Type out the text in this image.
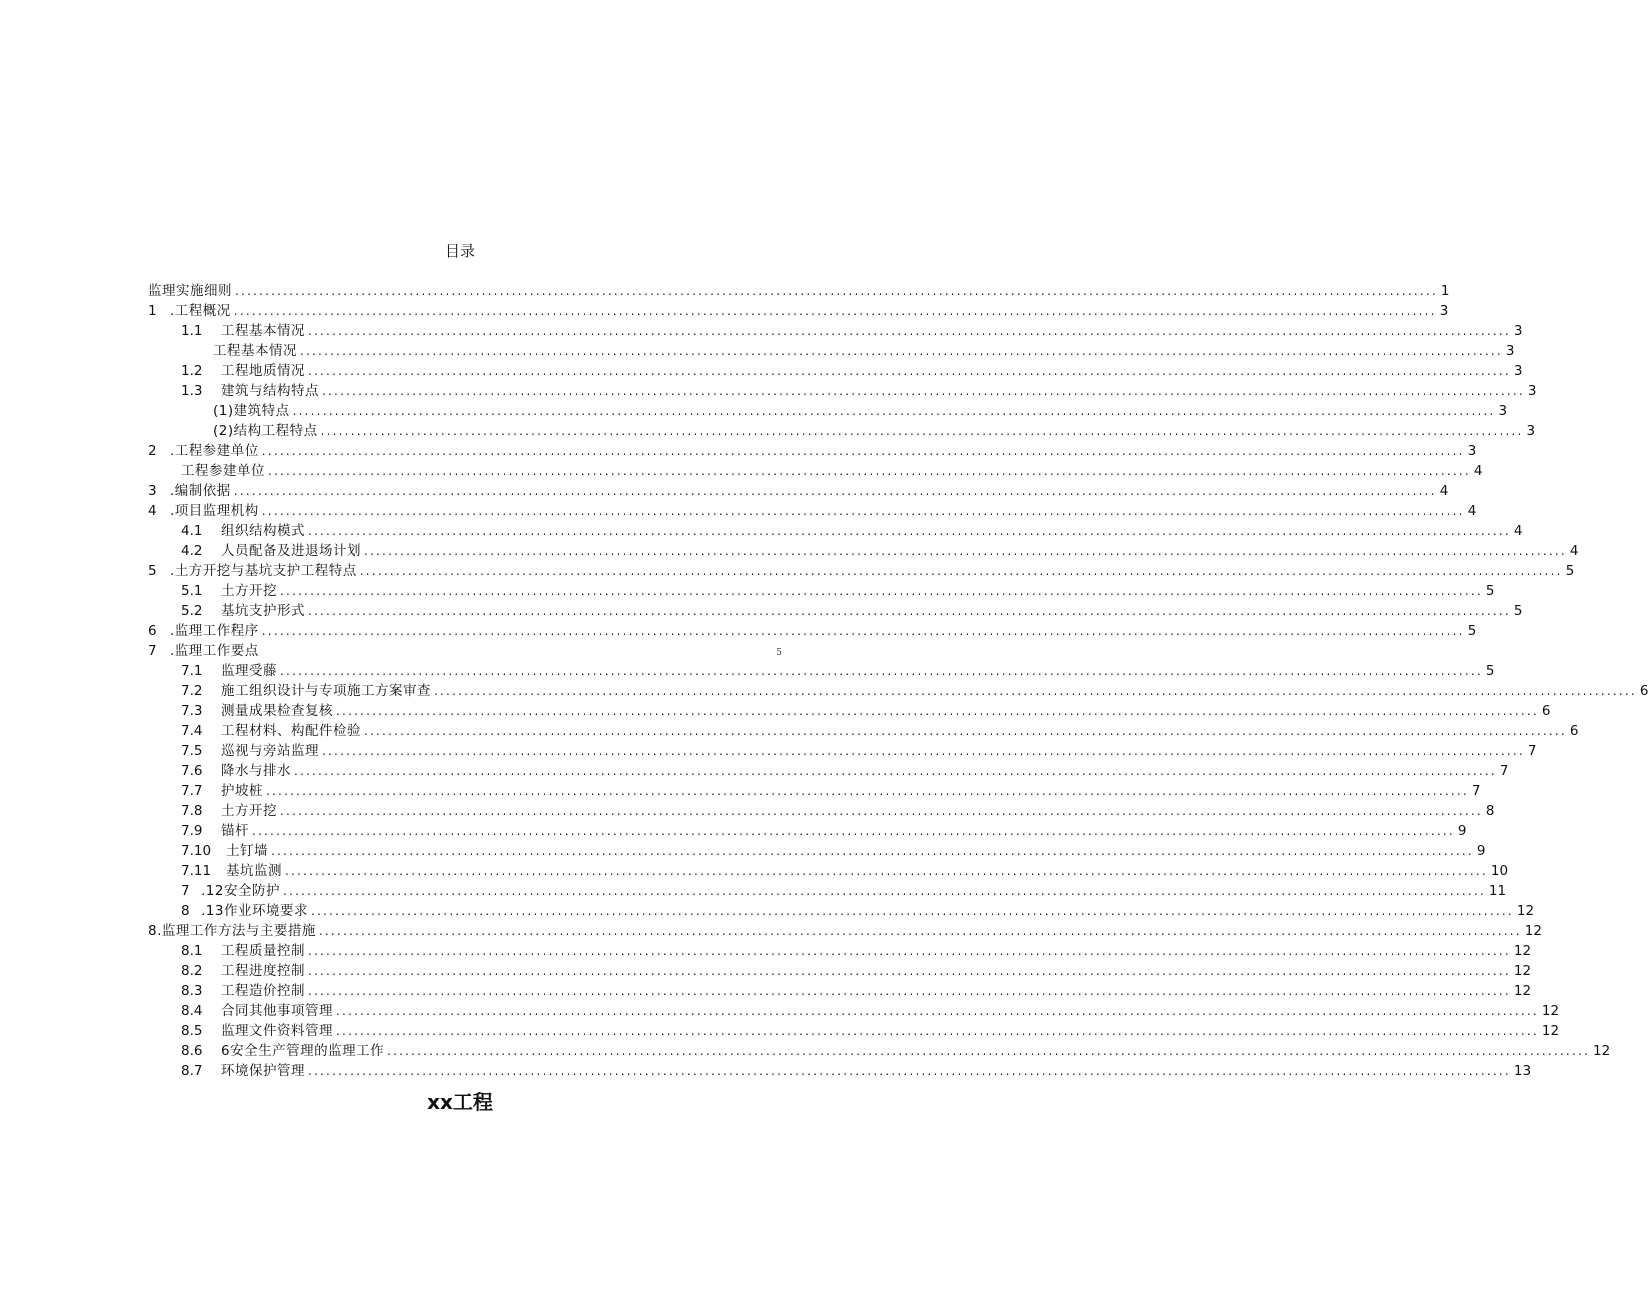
目录
监理实施细则 ........................................................................................................................................................................................................ 1
1 .工程概况 ........................................................................................................................................................................................................ 3
1.1	工程基本情况 ........................................................................................................................................................................................................ 3
工程基本情况 ........................................................................................................................................................................................................ 3
1.2	工程地质情况 ........................................................................................................................................................................................................ 3
1.3	建筑与结构特点 ........................................................................................................................................................................................................ 3
(1)建筑特点 ........................................................................................................................................................................................................ 3
(2)结构工程特点 ........................................................................................................................................................................................................ 3
2 .工程参建单位 ........................................................................................................................................................................................................ 3
工程参建单位 ........................................................................................................................................................................................................ 4
3 .编制依据 ........................................................................................................................................................................................................ 4
4 .项目监理机构 ........................................................................................................................................................................................................ 4
4.1	组织结构模式 ........................................................................................................................................................................................................ 4
4.2	人员配备及进退场计划 ........................................................................................................................................................................................................ 4
5 .土方开挖与基坑支护工程特点 ........................................................................................................................................................................................................ 5
5.1	土方开挖 ........................................................................................................................................................................................................ 5
5.2	基坑支护形式 ........................................................................................................................................................................................................ 5
6 .监理工作程序 ........................................................................................................................................................................................................ 5
7 .监理工作要点	5
7.1	监理受藤 ........................................................................................................................................................................................................ 5
7.2	施工组织设计与专项施工方案审查 ........................................................................................................................................................................................................ 6
7.3	测量成果检查复核 ........................................................................................................................................................................................................ 6
7.4	工程材料、构配件检验 ........................................................................................................................................................................................................ 6
7.5	巡视与旁站监理 ........................................................................................................................................................................................................ 7
7.6	降水与排水 ........................................................................................................................................................................................................ 7
7.7	护坡桩 ........................................................................................................................................................................................................ 7
7.8	土方开挖 ........................................................................................................................................................................................................ 8
7.9	锚杆 ........................................................................................................................................................................................................ 9
7.10	土钉墙 ........................................................................................................................................................................................................ 9
7.11	基坑监测 ........................................................................................................................................................................................................ 10
7 .12安全防护 ........................................................................................................................................................................................................ 11
8 .13作业环境要求 ........................................................................................................................................................................................................ 12
8.监理工作方法与主要措施 ........................................................................................................................................................................................................ 12
8.1	工程质量控制 ........................................................................................................................................................................................................ 12
8.2	工程进度控制 ........................................................................................................................................................................................................ 12
8.3	工程造价控制 ........................................................................................................................................................................................................ 12
8.4	合同其他事项管理 ........................................................................................................................................................................................................ 12
8.5	监理文件资料管理 ........................................................................................................................................................................................................ 12
8.6	6安全生产管理的监理工作 ........................................................................................................................................................................................................ 12
8.7	环境保护管理 ........................................................................................................................................................................................................ 13
xx工程
